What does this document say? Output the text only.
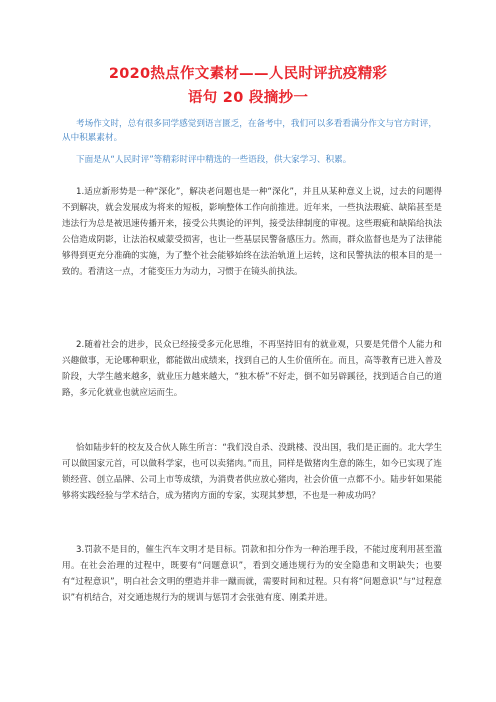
2020热点作文素材——人民时评抗疫精彩
语句 20 段摘抄一

考场作文时，总有很多同学感觉到语言匮乏，在备考中，我们可以多看看满分作文与官方时评，从中积累素材。

下面是从“人民时评”等精彩时评中精选的一些语段，供大家学习、积累。

1.适应新形势是一种“深化”，解决老问题也是一种“深化”，并且从某种意义上说，过去的问题得不到解决，就会发展成为将来的短板，影响整体工作向前推进。近年来，一些执法瑕疵、缺陷甚至是违法行为总是被迅速传播开来，接受公共舆论的评判，接受法律制度的审视。这些瑕疵和缺陷给执法公信造成阴影，让法治权威蒙受损害，也让一些基层民警备感压力。然而，群众监督也是为了法律能够得到更充分准确的实施，为了整个社会能够始终在法治轨道上运转，这和民警执法的根本目的是一致的。看清这一点，才能变压力为动力，习惯于在镜头前执法。

2.随着社会的进步，民众已经接受多元化思维，不再坚持旧有的就业观，只要是凭借个人能力和兴趣做事，无论哪种职业，都能做出成绩来，找到自己的人生价值所在。而且，高等教育已进入普及阶段，大学生越来越多，就业压力越来越大，“独木桥”不好走，倒不如另辟蹊径，找到适合自己的道路，多元化就业也就应运而生。

恰如陆步轩的校友及合伙人陈生所言：“我们没自杀、没跳楼、没出国，我们是正面的。北大学生可以做国家元首，可以做科学家，也可以卖猪肉。”而且，同样是做猪肉生意的陈生，如今已实现了连锁经营、创立品牌、公司上市等成绩，为消费者供应放心猪肉，社会价值一点都不小。陆步轩如果能够将实践经验与学术结合，成为猪肉方面的专家，实现其梦想，不也是一种成功吗？

3.罚款不是目的，催生汽车文明才是目标。罚款和扣分作为一种治理手段，不能过度利用甚至滥用。在社会治理的过程中，既要有“问题意识”，看到交通违规行为的安全隐患和文明缺失；也要有“过程意识”，明白社会文明的塑造并非一蹴而就，需要时间和过程。只有将“问题意识”与“过程意识”有机结合，对交通违规行为的规训与惩罚才会张弛有度、刚柔并进。
